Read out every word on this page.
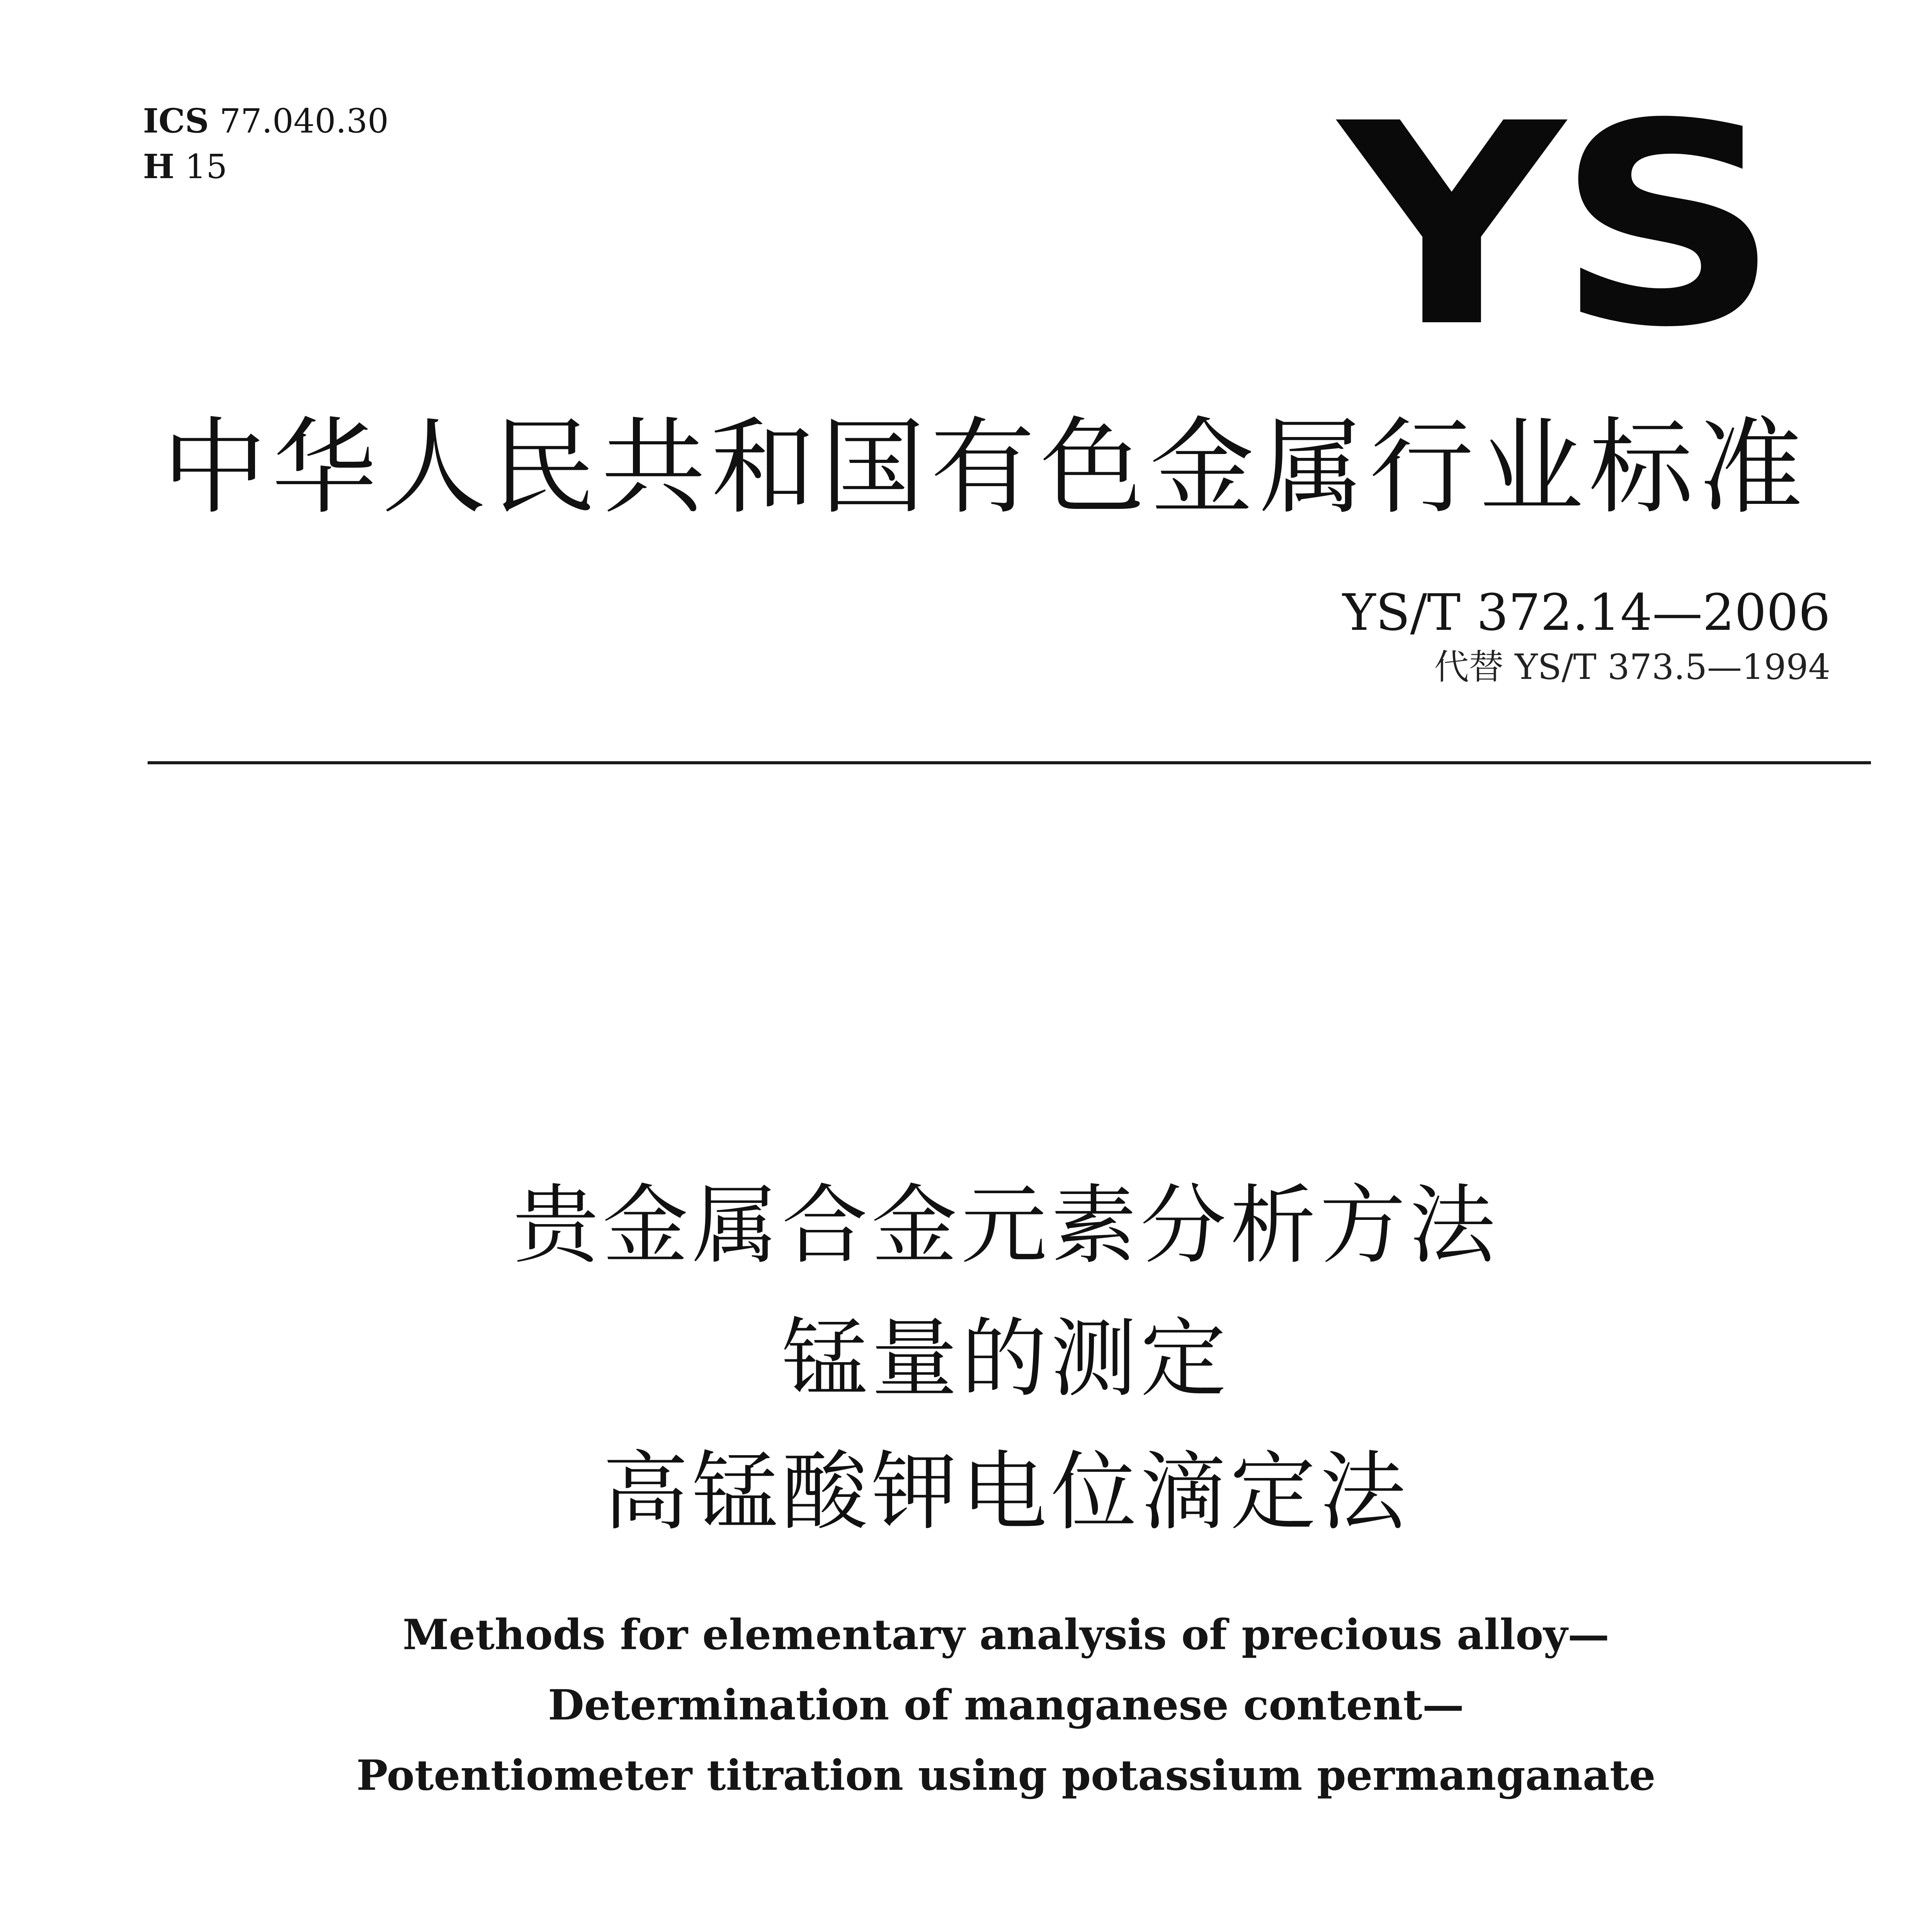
ICS 77.040.30
H 15	YS
中华人民共和国有色金属行业标准
YS/T 372.14—2006
代替 YS/T 373.5—1994
贵金属合金元素分析方法
锰量的测定
高锰酸钾电位滴定法
Methods for elementary analysis of precious alloy—
Determination of manganese content—
Potentiometer titration using potassium permanganate
